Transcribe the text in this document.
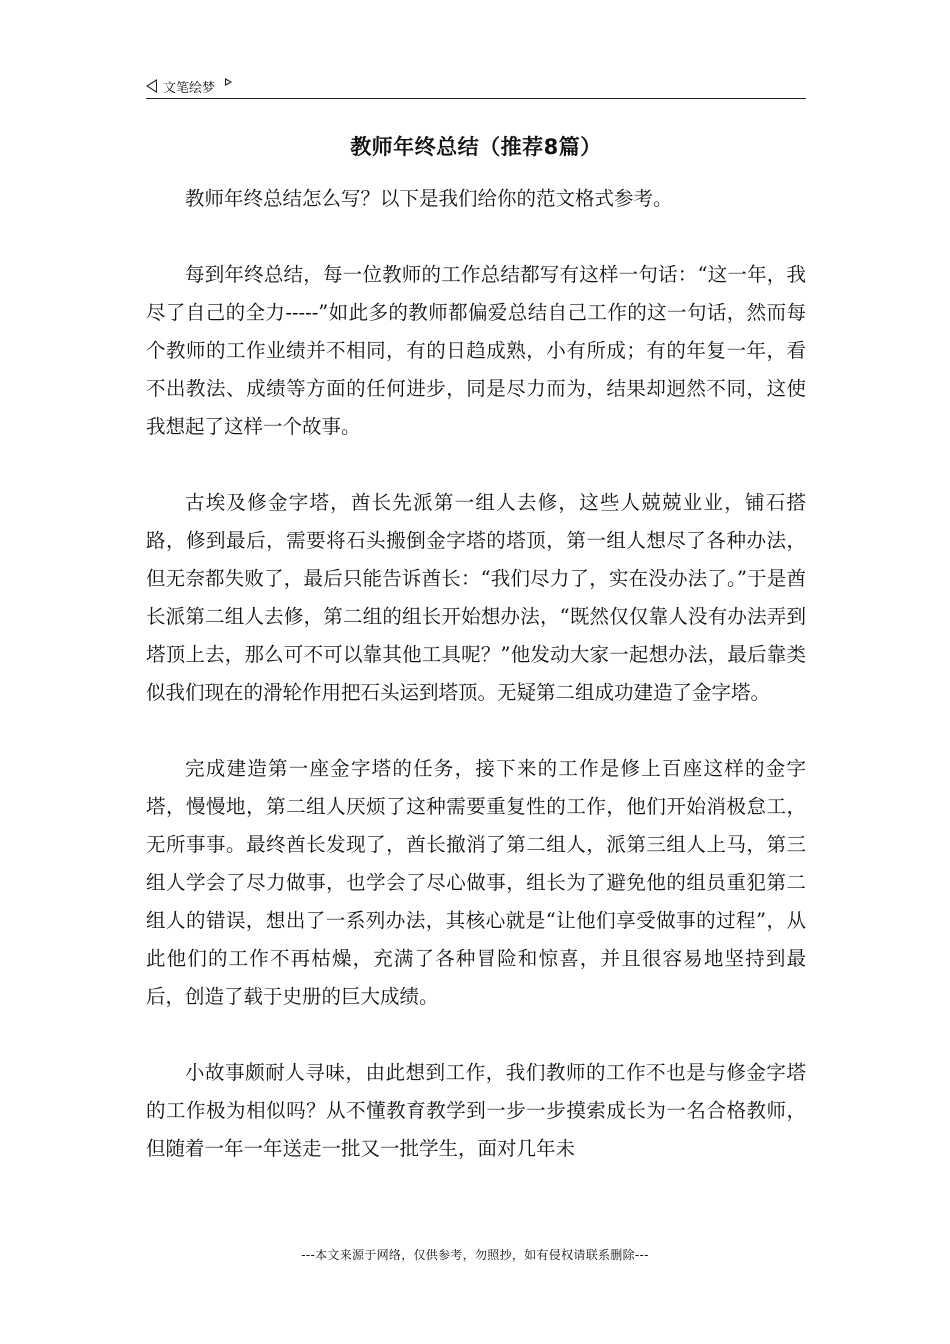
文笔绘梦
教师年终总结（推荐8篇）

教师年终总结怎么写？以下是我们给你的范文格式参考。

每到年终总结，每一位教师的工作总结都写有这样一句话：“这一年，我尽了自己的全力-----”如此多的教师都偏爱总结自己工作的这一句话，然而每个教师的工作业绩并不相同，有的日趋成熟，小有所成；有的年复一年，看不出教法、成绩等方面的任何进步，同是尽力而为，结果却迥然不同，这使我想起了这样一个故事。

古埃及修金字塔，酋长先派第一组人去修，这些人兢兢业业，铺石搭路，修到最后，需要将石头搬倒金字塔的塔顶，第一组人想尽了各种办法，但无奈都失败了，最后只能告诉酋长：“我们尽力了，实在没办法了。”于是酋长派第二组人去修，第二组的组长开始想办法，“既然仅仅靠人没有办法弄到塔顶上去，那么可不可以靠其他工具呢？”他发动大家一起想办法，最后靠类似我们现在的滑轮作用把石头运到塔顶。无疑第二组成功建造了金字塔。

完成建造第一座金字塔的任务，接下来的工作是修上百座这样的金字塔，慢慢地，第二组人厌烦了这种需要重复性的工作，他们开始消极怠工，无所事事。最终酋长发现了，酋长撤消了第二组人，派第三组人上马，第三组人学会了尽力做事，也学会了尽心做事，组长为了避免他的组员重犯第二组人的错误，想出了一系列办法，其核心就是“让他们享受做事的过程”，从此他们的工作不再枯燥，充满了各种冒险和惊喜，并且很容易地坚持到最后，创造了载于史册的巨大成绩。

小故事颇耐人寻味，由此想到工作，我们教师的工作不也是与修金字塔的工作极为相似吗？从不懂教育教学到一步一步摸索成长为一名合格教师，但随着一年一年送走一批又一批学生，面对几年未

---本文来源于网络，仅供参考，勿照抄，如有侵权请联系删除---
